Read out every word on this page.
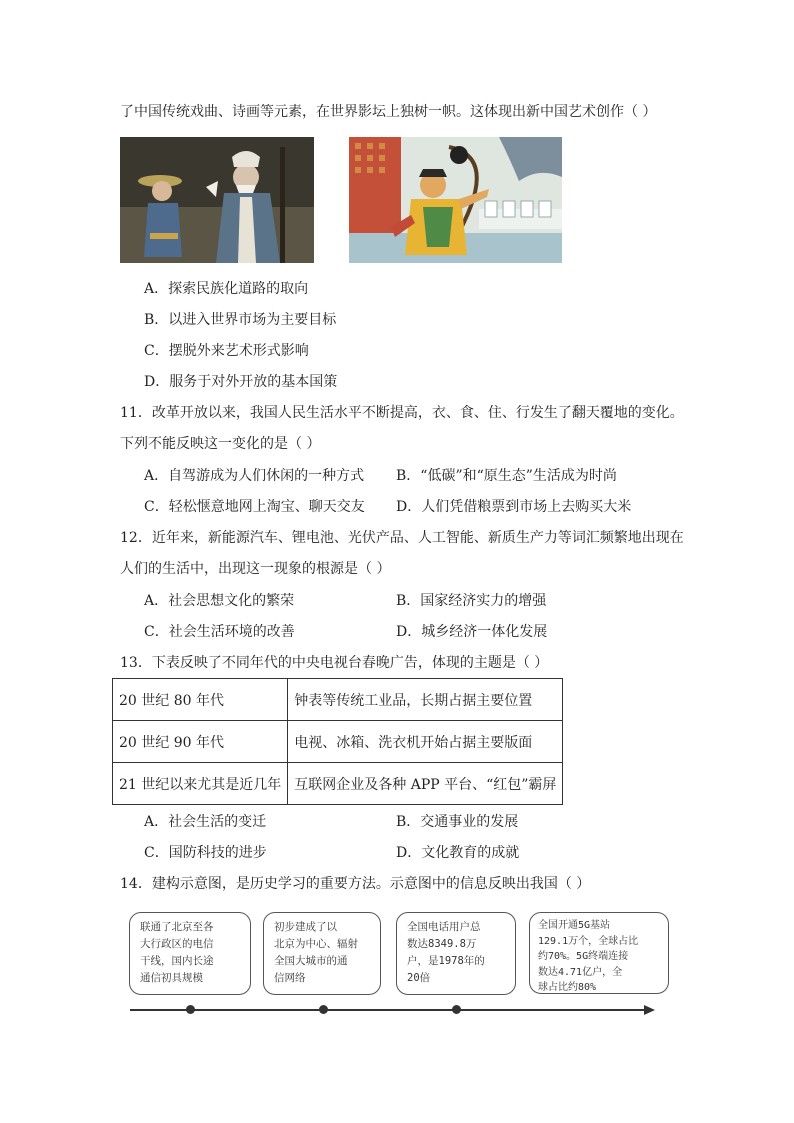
了中国传统戏曲、诗画等元素，在世界影坛上独树一帜。这体现出新中国艺术创作（ ）
A．探索民族化道路的取向
B．以进入世界市场为主要目标
C．摆脱外来艺术形式影响
D．服务于对外开放的基本国策
11．改革开放以来，我国人民生活水平不断提高，衣、食、住、行发生了翻天覆地的变化。
下列不能反映这一变化的是（ ）
A．自驾游成为人们休闲的一种方式 B．“低碳”和“原生态”生活成为时尚
C．轻松惬意地网上淘宝、聊天交友 D．人们凭借粮票到市场上去购买大米
12．近年来，新能源汽车、锂电池、光伏产品、人工智能、新质生产力等词汇频繁地出现在
人们的生活中，出现这一现象的根源是（ ）
A．社会思想文化的繁荣	B．国家经济实力的增强
C．社会生活环境的改善	D．城乡经济一体化发展
13．下表反映了不同年代的中央电视台春晚广告，体现的主题是（ ）
20 世纪 80 年代	钟表等传统工业品，长期占据主要位置
20 世纪 90 年代	电视、冰箱、洗衣机开始占据主要版面
21 世纪以来尤其是近几年	互联网企业及各种 APP 平台、“红包”霸屏
A．社会生活的变迁	B．交通事业的发展
C．国防科技的进步	D．文化教育的成就
14．建构示意图，是历史学习的重要方法。示意图中的信息反映出我国（ ）
联通了北京至各
大行政区的电信
干线，国内长途
通信初具规模
初步建成了以
北京为中心、辐射
全国大城市的通
信网络
全国电话用户总
数达8349.8万
户，是1978年的
20倍
全国开通5G基站
129.1万个，全球占比
约70%。5G终端连接
数达4.71亿户，全
球占比约80%
